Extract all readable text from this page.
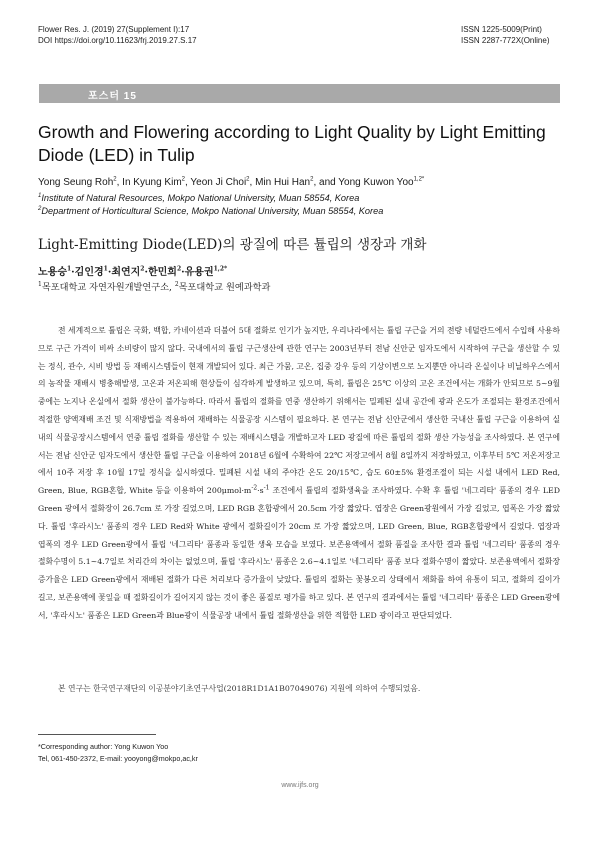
Flower Res. J. (2019) 27(Supplement I):17
DOI https://doi.org/10.11623/frj.2019.27.S.17
ISSN 1225-5009(Print)
ISSN 2287-772X(Online)
포스터 15
Growth and Flowering according to Light Quality by Light Emitting Diode (LED) in Tulip
Yong Seung Roh$^2$, In Kyung Kim$^2$, Yeon Ji Choi$^2$, Min Hui Han$^2$, and Yong Kuwon Yoo$^{1,2*}$
$^1$Institute of Natural Resources, Mokpo National University, Muan 58554, Korea
$^2$Department of Horticultural Science, Mokpo National University, Muan 58554, Korea
Light-Emitting Diode(LED)의 광질에 따른 튤립의 생장과 개화
노용승$^1$·김인경$^1$·최연지$^2$·한민희$^2$·유용권$^{1,2*}$
$^1$목포대학교 자연자원개발연구소, $^2$목포대학교 원예과학과
전 세계적으로 튤립은 국화, 백합, 카네이션과 더불어 5대 절화로 인기가 높지만, 우리나라에서는 튤립 구근을 거의 전량 네덜란드에서 수입해 사용하므로 구근 가격이 비싸 소비량이 많지 않다. 국내에서의 튤립 구근생산에 관한 연구는 2003년부터 전남 신안군 임자도에서 시작하여 구근을 생산할 수 있는 정식, 관수, 시비 방법 등 재배시스템들이 현재 개발되어 있다. 최근 가뭄, 고온, 집중 강우 등의 기상이변으로 노지뿐만 아니라 온실이나 비닐하우스에서의 농작물 재배시 병충해발생, 고온과 저온피해 현상들이 심각하게 발생하고 있으며, 특히, 튤립은 25℃ 이상의 고온 조건에서는 개화가 안되므로 5~9월 중에는 노지나 온실에서 절화 생산이 불가능하다. 따라서 튤립의 절화를 연중 생산하기 위해서는 밀폐된 실내 공간에 광과 온도가 조절되는 환경조건에서 적절한 양액재배 조건 및 식재방법을 적용하여 재배하는 식물공장 시스템이 필요하다. 본 연구는 전남 신안군에서 생산한 국내산 튤립 구근을 이용하여 실내의 식물공장시스템에서 연중 튤립 절화를 생산할 수 있는 재배시스템을 개발하고자 LED 광질에 따른 튤립의 절화 생산 가능성을 조사하였다. 본 연구에서는 전남 신안군 임자도에서 생산한 튤립 구근을 이용하여 2018년 6월에 수확하여 22℃ 저장고에서 8월 8일까지 저장하였고, 이후부터 5℃ 저온저장고에서 10주 저장 후 10월 17일 정식을 실시하였다. 밀폐된 시설 내의 주야간 온도 20/15℃, 습도 60±5% 환경조절이 되는 시설 내에서 LED Red, Green, Blue, RGB혼합, White 등을 이용하여 $200\mu mol\cdot m^{-2}\cdot s^{-1}$ 조건에서 튤립의 절화생육을 조사하였다. 수확 후 튤립 '네그리타' 품종의 경우 LED Green 광에서 절화장이 26.7cm 로 가장 길었으며, LED RGB 혼합광에서 20.5cm 가장 짧았다. 엽장은 Green광원에서 가장 길었고, 엽폭은 가장 짧았다. 튤립 '후라시노' 품종의 경우 LED Red와 White 광에서 절화길이가 20cm 로 가장 짧았으며, LED Green, Blue, RGB혼합광에서 길었다. 엽장과 엽폭의 경우 LED Green광에서 튤립 '네그리타' 품종과 동일한 생육 모습을 보였다. 보존용액에서 절화 품질을 조사한 결과 튤립 '네그리타' 품종의 경우 절화수명이 5.1~4.7일로 처리간의 차이는 없었으며, 튤립 '후라시노' 품종은 2.6~4.1일로 '네그리타' 품종 보다 절화수명이 짧았다. 보존용액에서 절화장 증가율은 LED Green광에서 재배된 절화가 다른 처리보다 증가율이 낮았다. 튤립의 절화는 꽃봉오리 상태에서 채화를 하여 유통이 되고, 절화의 길이가 길고, 보존용액에 꽃잎을 때 절화길이가 길어지지 않는 것이 좋은 품질로 평가를 하고 있다. 본 연구의 결과에서는 튤립 '네그리타' 품종은 LED Green광에서, '후라시노' 품종은 LED Green과 Blue광이 식물공장 내에서 튤립 절화생산을 위한 적합한 LED 광이라고 판단되었다.
본 연구는 한국연구재단의 이공분야기초연구사업(2018R1D1A1B07049076) 지원에 의하여 수행되었음.
*Corresponding author: Yong Kuwon Yoo
Tel, 061-450-2372, E-mail: yooyong@mokpo,ac,kr
www.ijfs.org
